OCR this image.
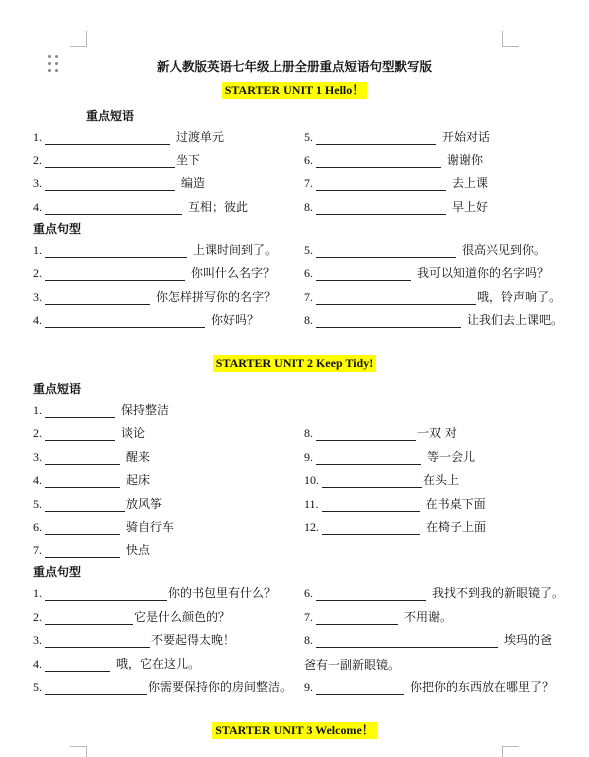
新人教版英语七年级上册全册重点短语句型默写版
STARTER UNIT 1 Hello！
重点短语
1.	过渡单元
2.	坐下
3.	编造
4.	互相；彼此
5.	开始对话
6.	谢谢你
7.	去上课
8.	早上好
重点句型
1.	上课时间到了。
2.	你叫什么名字？
3.	你怎样拼写你的名字？
4.	你好吗？
5.	很高兴见到你。
6.	我可以知道你的名字吗？
7.	哦，铃声响了。
8.	让我们去上课吧。
STARTER UNIT 2 Keep Tidy!
重点短语
1.	保持整洁
2.	谈论
3.	醒来
4.	起床
5.	放风筝
6.	骑自行车
7.	快点
8.	一双 对
9.	等一会儿
10.	在头上
11.	在书桌下面
12.	在椅子上面
重点句型
1.	你的书包里有什么？
2.	它是什么颜色的？
3.	不要起得太晚！
4.	哦，它在这儿。
5.	你需要保持你的房间整洁。
6.	我找不到我的新眼镜了。
7.	不用谢。
8.	埃玛的爸
爸有一副新眼镜。
9.	你把你的东西放在哪里了？
STARTER UNIT 3 Welcome！
